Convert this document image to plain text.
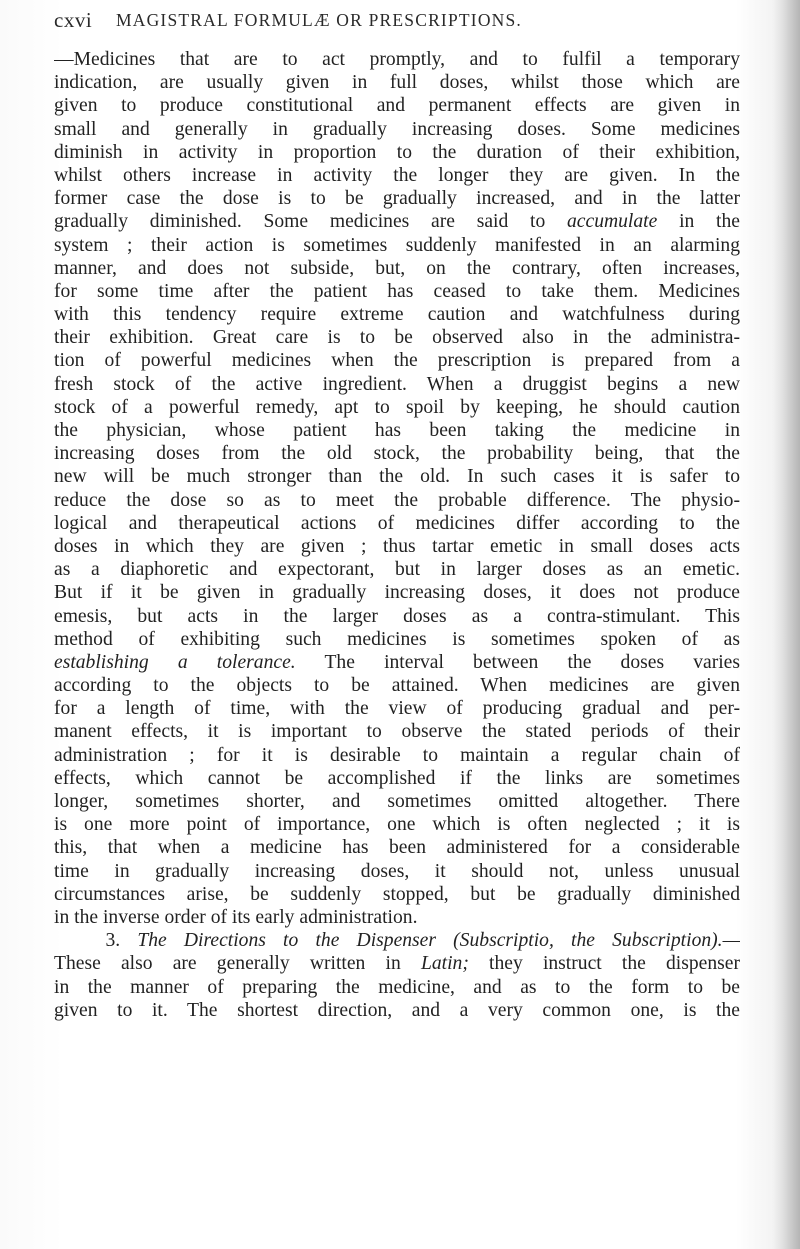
cxvi MAGISTRAL FORMULÆ OR PRESCRIPTIONS.
—Medicines that are to act promptly, and to fulfil a temporary
indication, are usually given in full doses, whilst those which are
given to produce constitutional and permanent effects are given in
small and generally in gradually increasing doses. Some medicines
diminish in activity in proportion to the duration of their exhibition,
whilst others increase in activity the longer they are given. In the
former case the dose is to be gradually increased, and in the latter
gradually diminished. Some medicines are said to accumulate in the
system ; their action is sometimes suddenly manifested in an alarming
manner, and does not subside, but, on the contrary, often increases,
for some time after the patient has ceased to take them. Medicines
with this tendency require extreme caution and watchfulness during
their exhibition. Great care is to be observed also in the administra-
tion of powerful medicines when the prescription is prepared from a
fresh stock of the active ingredient. When a druggist begins a new
stock of a powerful remedy, apt to spoil by keeping, he should caution
the physician, whose patient has been taking the medicine in
increasing doses from the old stock, the probability being, that the
new will be much stronger than the old. In such cases it is safer to
reduce the dose so as to meet the probable difference. The physio-
logical and therapeutical actions of medicines differ according to the
doses in which they are given ; thus tartar emetic in small doses acts
as a diaphoretic and expectorant, but in larger doses as an emetic.
But if it be given in gradually increasing doses, it does not produce
emesis, but acts in the larger doses as a contra-stimulant. This
method of exhibiting such medicines is sometimes spoken of as
establishing a tolerance. The interval between the doses varies
according to the objects to be attained. When medicines are given
for a length of time, with the view of producing gradual and per-
manent effects, it is important to observe the stated periods of their
administration ; for it is desirable to maintain a regular chain of
effects, which cannot be accomplished if the links are sometimes
longer, sometimes shorter, and sometimes omitted altogether. There
is one more point of importance, one which is often neglected ; it is
this, that when a medicine has been administered for a considerable
time in gradually increasing doses, it should not, unless unusual
circumstances arise, be suddenly stopped, but be gradually diminished
in the inverse order of its early administration.
3. The Directions to the Dispenser (Subscriptio, the Subscription).—
These also are generally written in Latin; they instruct the dispenser
in the manner of preparing the medicine, and as to the form to be
given to it. The shortest direction, and a very common one, is the
